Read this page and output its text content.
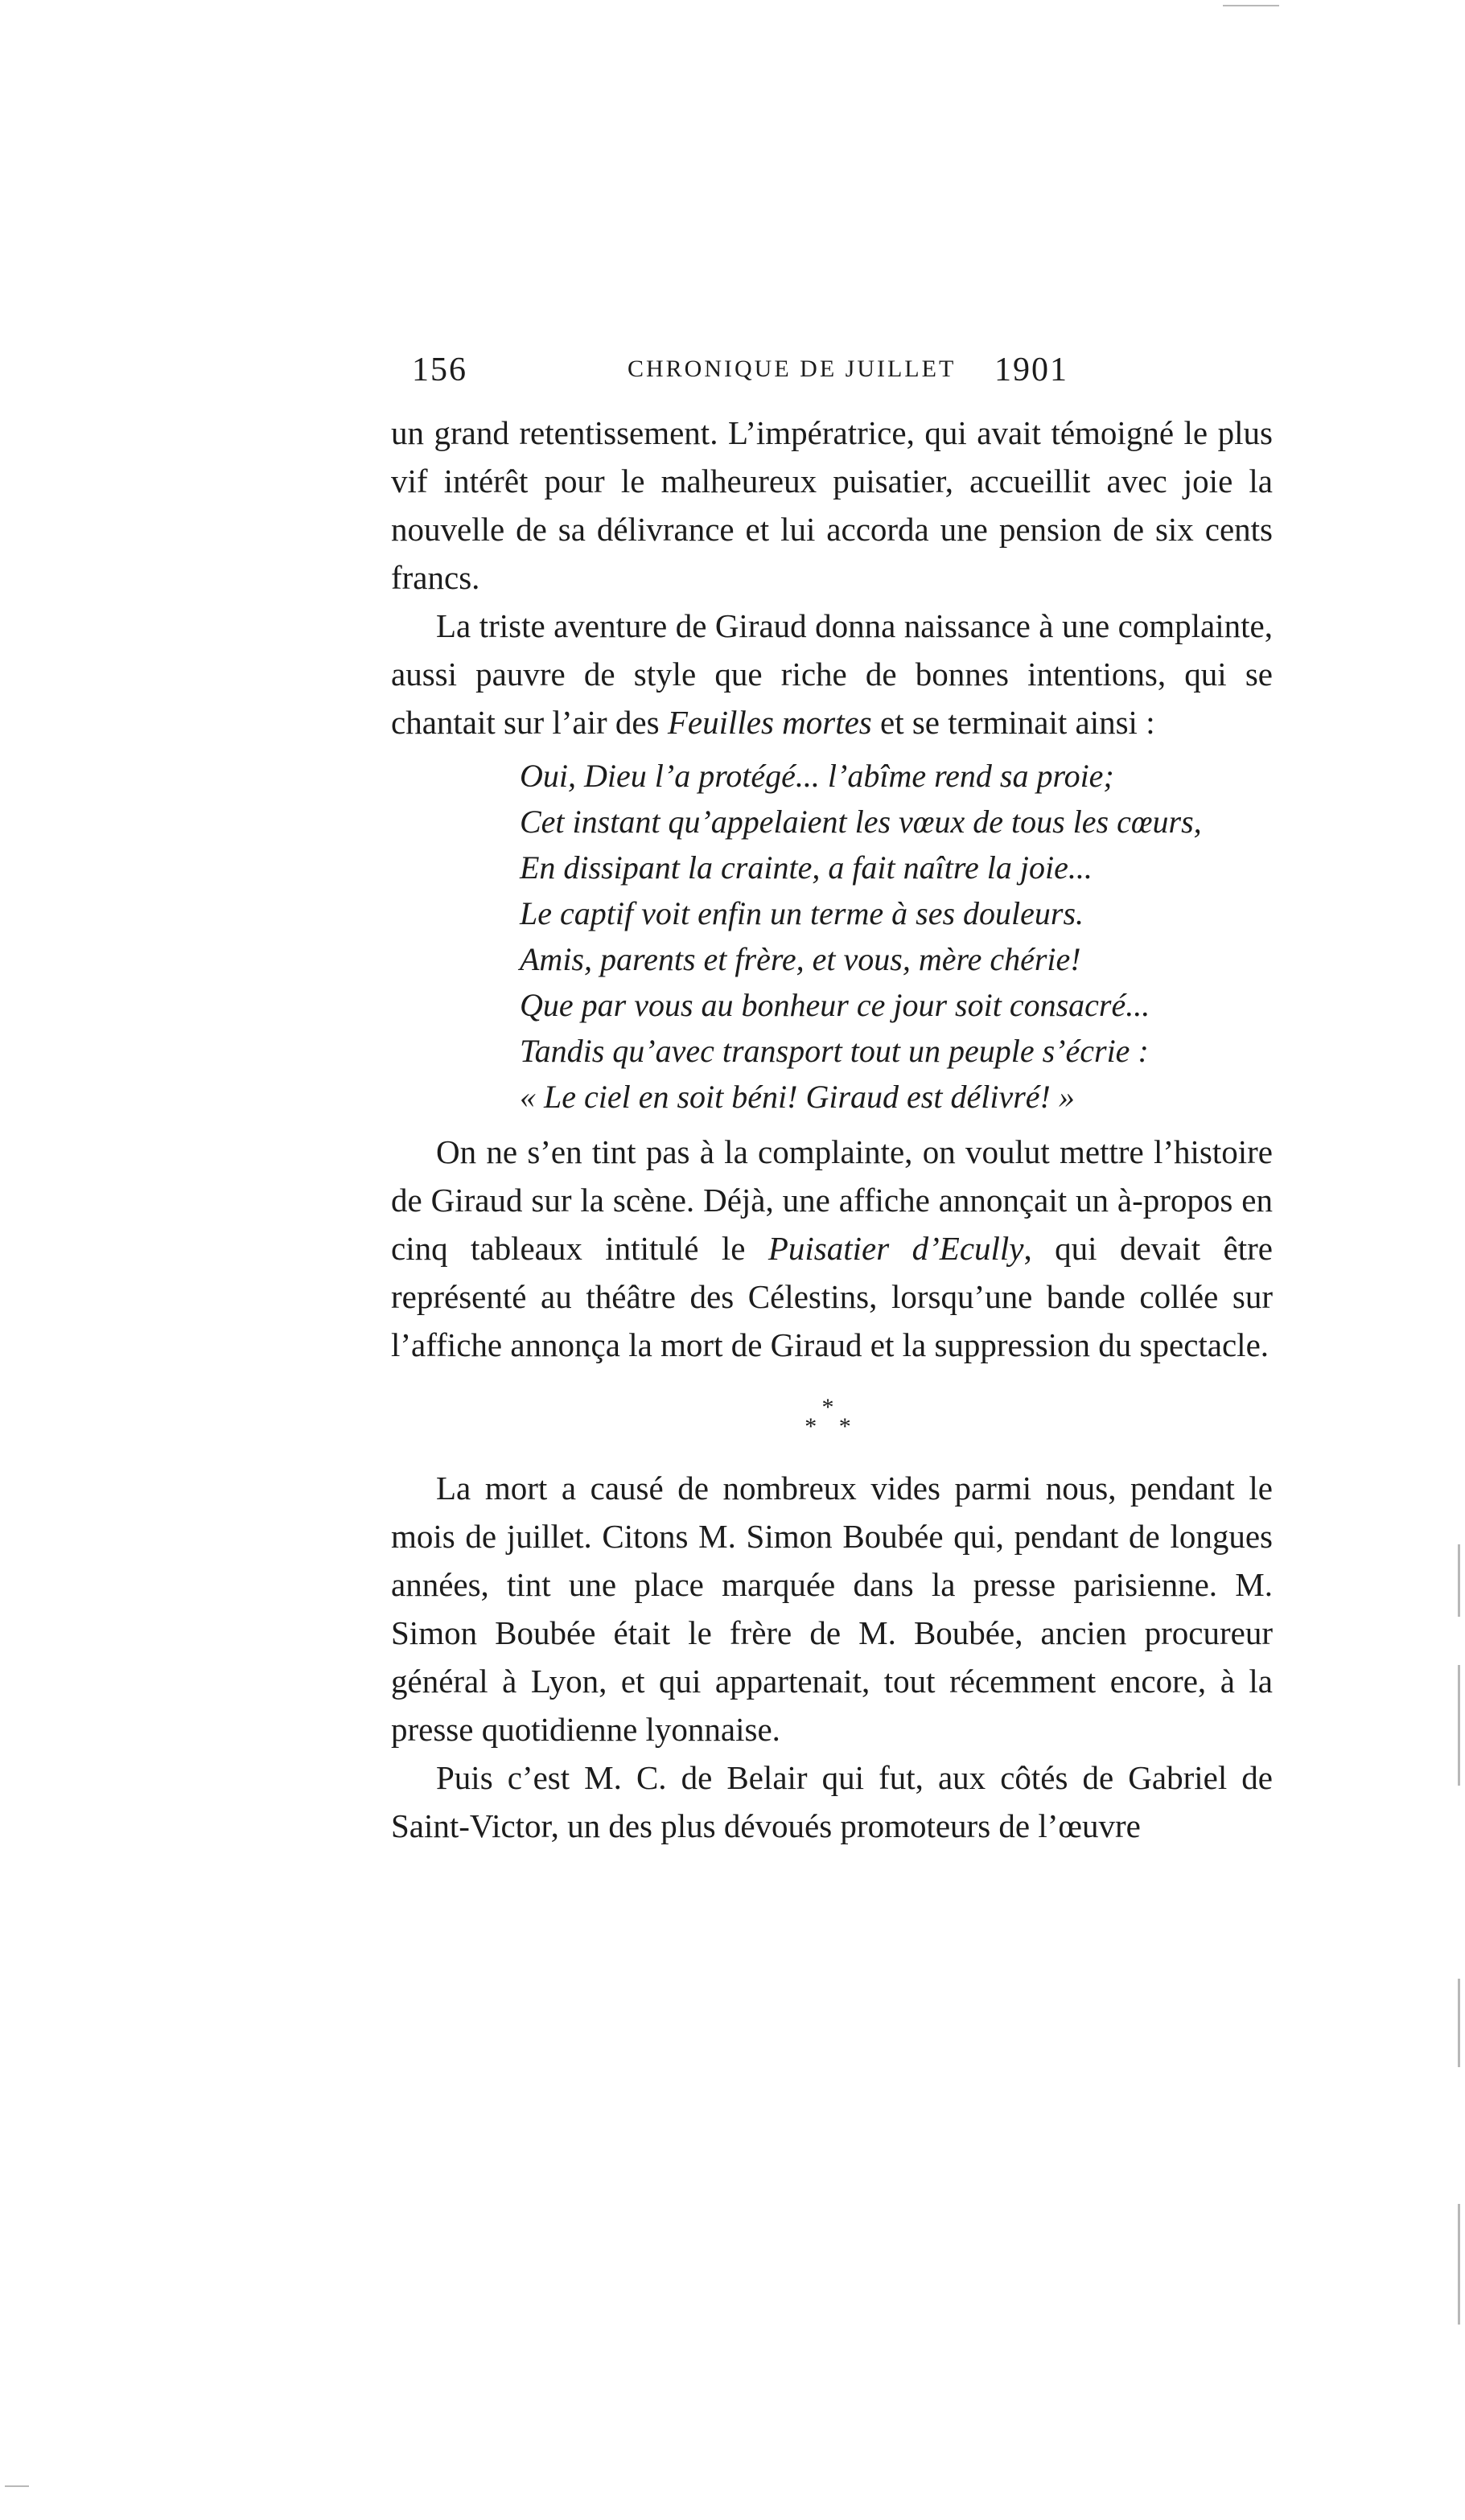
156	CHRONIQUE DE JUILLET 1901

un grand retentissement. L’impératrice, qui avait témoigné le plus vif intérêt pour le malheureux puisatier, accueillit avec joie la nouvelle de sa délivrance et lui accorda une pension de six cents francs.

La triste aventure de Giraud donna naissance à une complainte, aussi pauvre de style que riche de bonnes intentions, qui se chantait sur l’air des Feuilles mortes et se terminait ainsi :

Oui, Dieu l’a protégé... l’abîme rend sa proie;
Cet instant qu’appelaient les vœux de tous les cœurs,
En dissipant la crainte, a fait naître la joie...
Le captif voit enfin un terme à ses douleurs.
Amis, parents et frère, et vous, mère chérie!
Que par vous au bonheur ce jour soit consacré...
Tandis qu’avec transport tout un peuple s’écrie :
« Le ciel en soit béni! Giraud est délivré! »

On ne s’en tint pas à la complainte, on voulut mettre l’histoire de Giraud sur la scène. Déjà, une affiche annonçait un à-propos en cinq tableaux intitulé le Puisatier d’Ecully, qui devait être représenté au théâtre des Célestins, lorsqu’une bande collée sur l’affiche annonça la mort de Giraud et la suppression du spectacle.

*
* *

La mort a causé de nombreux vides parmi nous, pendant le mois de juillet. Citons M. Simon Boubée qui, pendant de longues années, tint une place marquée dans la presse parisienne. M. Simon Boubée était le frère de M. Boubée, ancien procureur général à Lyon, et qui appartenait, tout récemment encore, à la presse quotidienne lyonnaise.

Puis c’est M. C. de Belair qui fut, aux côtés de Gabriel de Saint-Victor, un des plus dévoués promoteurs de l’œuvre
